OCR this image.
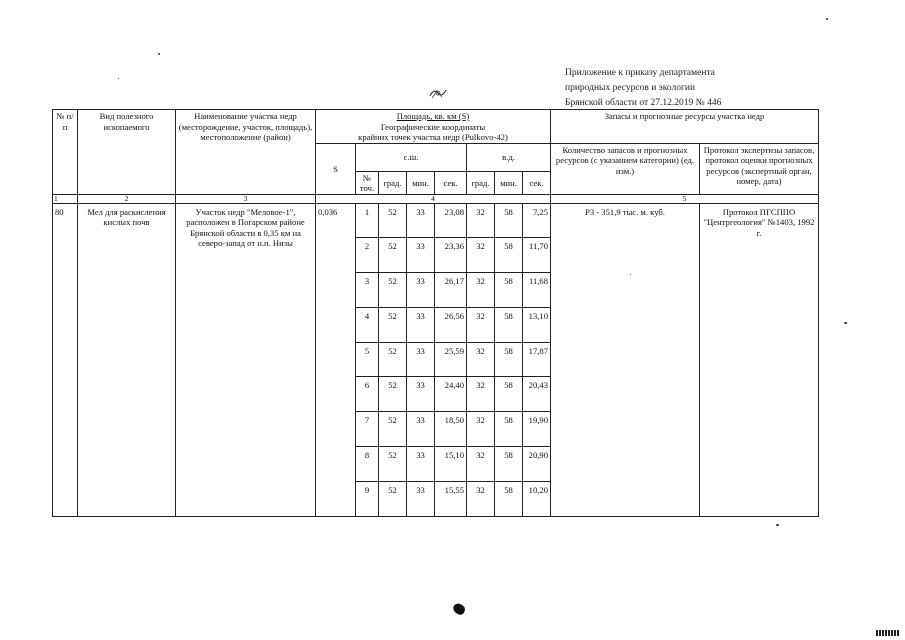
Приложение к приказу департамента
природных ресурсов и экологии
Брянской области от 27.12.2019 № 446
№ п/п	Вид полезного ископаемого	Наименование участка недр (месторождение, участок, площадь), местоположение (район)	Площадь, кв. км (S)
Географические координаты
крайних точек участка недр (Pulkovo-42)								Запасы и прогнозные ресурсы участка недр	
			S	с.ш.				в.д.			Количество запасов и прогнозных ресурсов (с указанием категории) (ед. изм.)	Протокол экспертизы запасов, протокол оценки прогнозных ресурсов (экспертный орган, номер, дата)
				№ точ.	град.	мин.	сек.	град.	мин.	сек.		
1	2	3	4								5	
80	Мел для раскисления кислых почв	Участок недр "Меловое-1", расположен в Погарском районе Брянской области в 0,35 км на северо-запад от н.п. Низы	0,036	1	52	33	23,08	32	58	7,25	Р3 - 351,9 тыс. м. куб.	Протокол ПГСППО "Центргеология" №1403, 1992 г.
				2	52	33	23,36	32	58	11,70		
				3	52	33	26,17	32	58	11,68		
				4	52	33	26,56	32	58	13,10		
				5	52	33	25,59	32	58	17,87		
				6	52	33	24,40	32	58	20,43		
				7	52	33	18,50	32	58	19,90		
				8	52	33	15,10	32	58	20,90		
				9	52	33	15,55	32	58	10,20		
